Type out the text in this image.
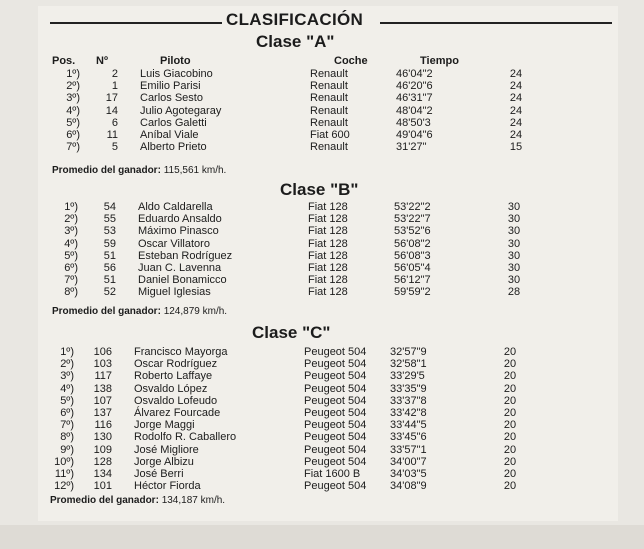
CLASIFICACIÓN
Clase "A"
Pos. Nº	Piloto	Coche	Tiempo
1º)	2	Luis Giacobino	Renault	46'04"2	24
2º)	1	Emilio Parisi	Renault	46'20"6	24
3º)	17	Carlos Sesto	Renault	46'31"7	24
4º)	14	Julio Agotegaray	Renault	48'04"2	24
5º)	6	Carlos Galetti	Renault	48'50'3	24
6º)	11	Aníbal Viale	Fiat 600	49'04"6	24
7º)	5	Alberto Prieto	Renault	31'27"	15
Promedio del ganador: 115,561 km/h.
Clase "B"
1º)	54	Aldo Caldarella	Fiat 128	53'22"2	30
2º)	55	Eduardo Ansaldo	Fiat 128	53'22"7	30
3º)	53	Máximo Pinasco	Fiat 128	53'52"6	30
4º)	59	Oscar Villatoro	Fiat 128	56'08"2	30
5º)	51	Esteban Rodríguez	Fiat 128	56'08"3	30
6º)	56	Juan C. Lavenna	Fiat 128	56'05"4	30
7º)	51	Daniel Bonamicco	Fiat 128	56'12"7	30
8º)	52	Miguel Iglesias	Fiat 128	59'59"2	28
Promedio del ganador: 124,879 km/h.
Clase "C"
1º)	106	Francisco Mayorga	Peugeot 504	32'57"9	20
2º)	103	Oscar Rodríguez	Peugeot 504	32'58"1	20
3º)	117	Roberto Laffaye	Peugeot 504	33'29'5	20
4º)	138	Osvaldo López	Peugeot 504	33'35"9	20
5º)	107	Osvaldo Lofeudo	Peugeot 504	33'37"8	20
6º)	137	Álvarez Fourcade	Peugeot 504	33'42"8	20
7º)	116	Jorge Maggi	Peugeot 504	33'44"5	20
8º)	130	Rodolfo R. Caballero	Peugeot 504	33'45"6	20
9º)	109	José Migliore	Peugeot 504	33'57"1	20
10º)	128	Jorge Albizu	Peugeot 504	34'00"7	20
11º)	134	José Berri	Fiat 1600 B	34'03"5	20
12º)	101	Héctor Fiorda	Peugeot 504	34'08"9	20
Promedio del ganador: 134,187 km/h.
